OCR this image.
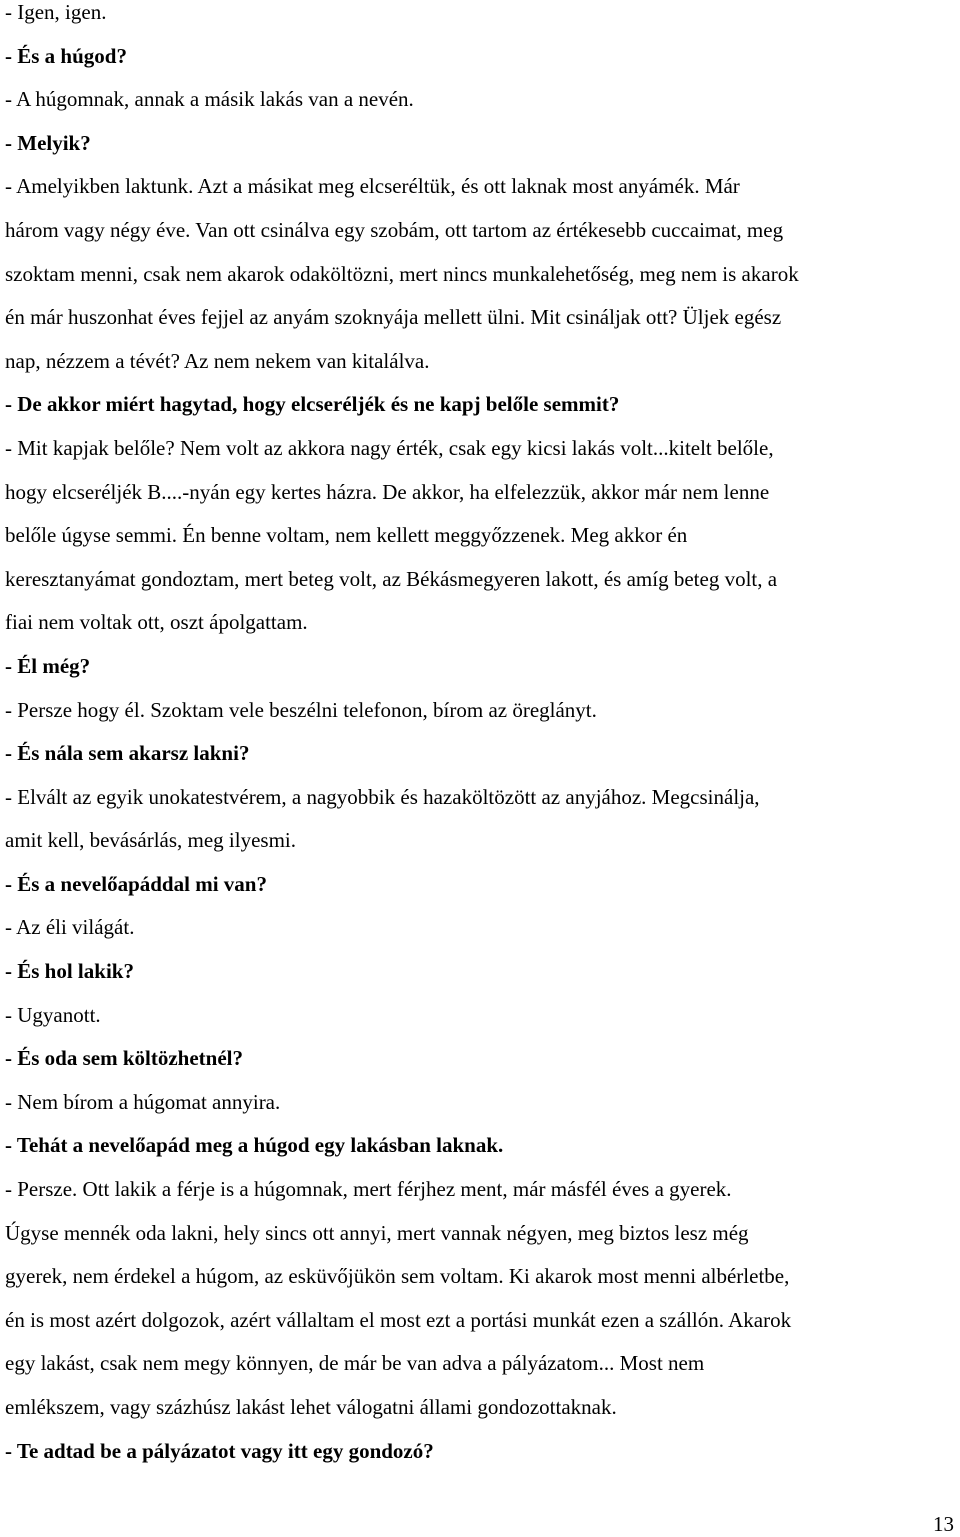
- Igen, igen.

- És a húgod?

- A húgomnak, annak a másik lakás van a nevén.

- Melyik?

- Amelyikben laktunk. Azt a másikat meg elcseréltük, és ott laknak most anyámék. Már
három vagy négy éve. Van ott csinálva egy szobám, ott tartom az értékesebb cuccaimat, meg
szoktam menni, csak nem akarok odaköltözni, mert nincs munkalehetőség, meg nem is akarok
én már huszonhat éves fejjel az anyám szoknyája mellett ülni. Mit csináljak ott? Üljek egész
nap, nézzem a tévét? Az nem nekem van kitalálva.

- De akkor miért hagytad, hogy elcseréljék és ne kapj belőle semmit?

- Mit kapjak belőle? Nem volt az akkora nagy érték, csak egy kicsi lakás volt...kitelt belőle,
hogy elcseréljék B....-nyán egy kertes házra. De akkor, ha elfelezzük, akkor már nem lenne
belőle úgyse semmi. Én benne voltam, nem kellett meggyőzzenek. Meg akkor én
keresztanyámat gondoztam, mert beteg volt, az Békásmegyeren lakott, és amíg beteg volt, a
fiai nem voltak ott, oszt ápolgattam.

- Él még?

- Persze hogy él. Szoktam vele beszélni telefonon, bírom az öreglányt.

- És nála sem akarsz lakni?

- Elvált az egyik unokatestvérem, a nagyobbik és hazaköltözött az anyjához. Megcsinálja,
amit kell, bevásárlás, meg ilyesmi.

- És a nevelőapáddal mi van?

- Az éli világát.

- És hol lakik?

- Ugyanott.

- És oda sem költözhetnél?

- Nem bírom a húgomat annyira.

- Tehát a nevelőapád meg a húgod egy lakásban laknak.

- Persze. Ott lakik a férje is a húgomnak, mert férjhez ment, már másfél éves a gyerek.
Úgyse mennék oda lakni, hely sincs ott annyi, mert vannak négyen, meg biztos lesz még
gyerek, nem érdekel a húgom, az esküvőjükön sem voltam. Ki akarok most menni albérletbe,
én is most azért dolgozok, azért vállaltam el most ezt a portási munkát ezen a szállón. Akarok
egy lakást, csak nem megy könnyen, de már be van adva a pályázatom... Most nem
emlékszem, vagy százhúsz lakást lehet válogatni állami gondozottaknak.

- Te adtad be a pályázatot vagy itt egy gondozó?

13
